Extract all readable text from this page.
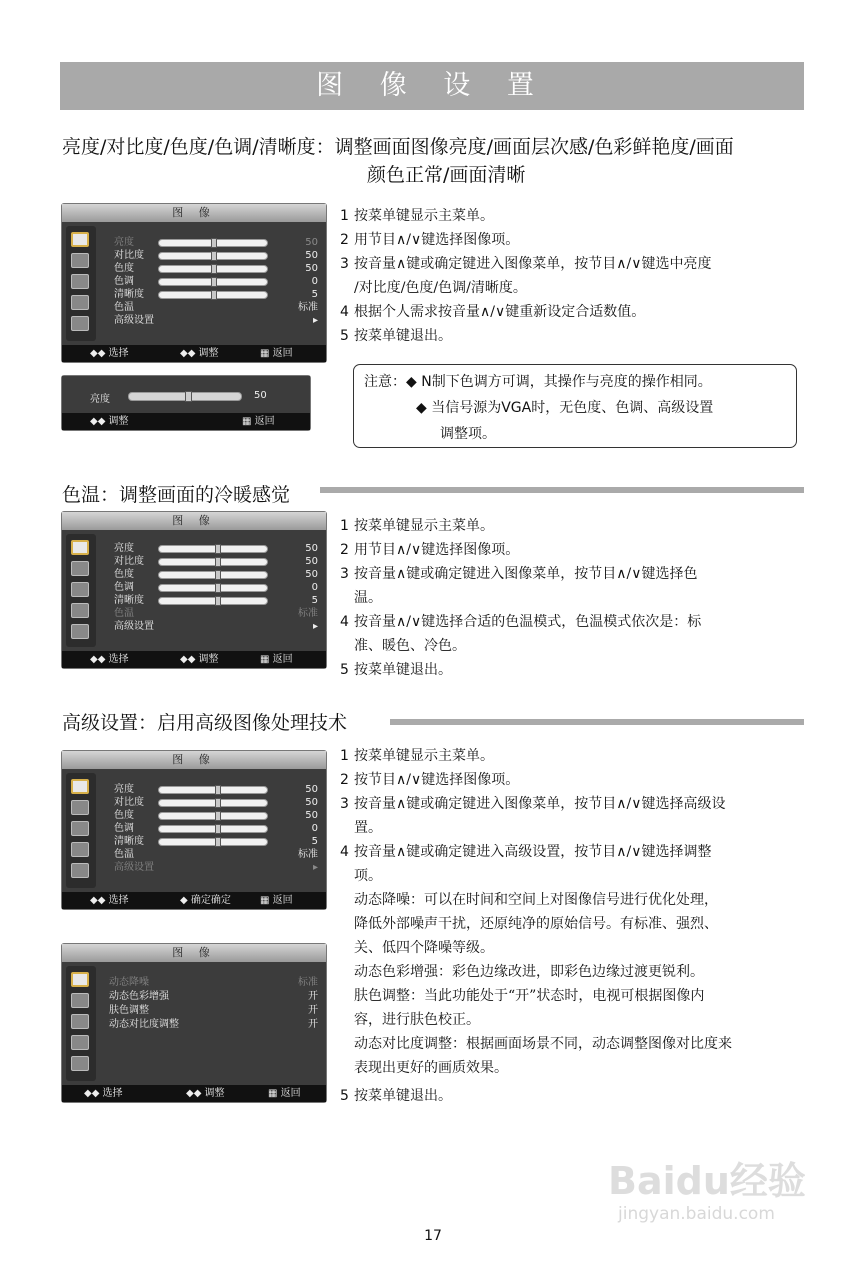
图 像 设 置
亮度/对比度/色度/色调/清晰度：调整画面图像亮度/画面层次感/色彩鲜艳度/画面
颜色正常/画面清晰
图 像
亮度	50
对比度	50
色度	50
色调	0
清晰度	5
色温	标准
高级设置	▸
◆◆ 选择	◆◆ 调整	▦ 返回
亮度	50
◆◆ 调整	▦ 返回

1 按菜单键显示主菜单。

2 用节目∧/∨键选择图像项。

3 按音量∧键或确定键进入图像菜单，按节目∧/∨键选中亮度

/对比度/色度/色调/清晰度。

4 根据个人需求按音量∧/∨键重新设定合适数值。

5 按菜单键退出。

注意：◆ N制下色调方可调，其操作与亮度的操作相同。
◆ 当信号源为VGA时，无色度、色调、高级设置
调整项。
色温：调整画面的冷暖感觉
图 像
亮度	50
对比度	50
色度	50
色调	0
清晰度	5
色温	标准
高级设置	▸
◆◆ 选择	◆◆ 调整	▦ 返回

1 按菜单键显示主菜单。

2 用节目∧/∨键选择图像项。

3 按音量∧键或确定键进入图像菜单，按节目∧/∨键选择色

温。

4 按音量∧/∨键选择合适的色温模式，色温模式依次是：标

准、暖色、冷色。

5 按菜单键退出。

高级设置：启用高级图像处理技术
图 像
亮度	50
对比度	50
色度	50
色调	0
清晰度	5
色温	标准
高级设置	▸
◆◆ 选择	◆ 确定确定	▦ 返回
图 像
动态降噪	标准
动态色彩增强	开
肤色调整	开
动态对比度调整	开
◆◆ 选择	◆◆ 调整	▦ 返回

1 按菜单键显示主菜单。

2 按节目∧/∨键选择图像项。

3 按音量∧键或确定键进入图像菜单，按节目∧/∨键选择高级设

置。

4 按音量∧键或确定键进入高级设置，按节目∧/∨键选择调整

项。

动态降噪：可以在时间和空间上对图像信号进行优化处理，

降低外部噪声干扰，还原纯净的原始信号。有标准、强烈、

关、低四个降噪等级。

动态色彩增强：彩色边缘改进，即彩色边缘过渡更锐利。

肤色调整：当此功能处于“开”状态时，电视可根据图像内

容，进行肤色校正。

动态对比度调整：根据画面场景不同，动态调整图像对比度来

表现出更好的画质效果。

5 按菜单键退出。

17
Baidu经验
jingyan.baidu.com
